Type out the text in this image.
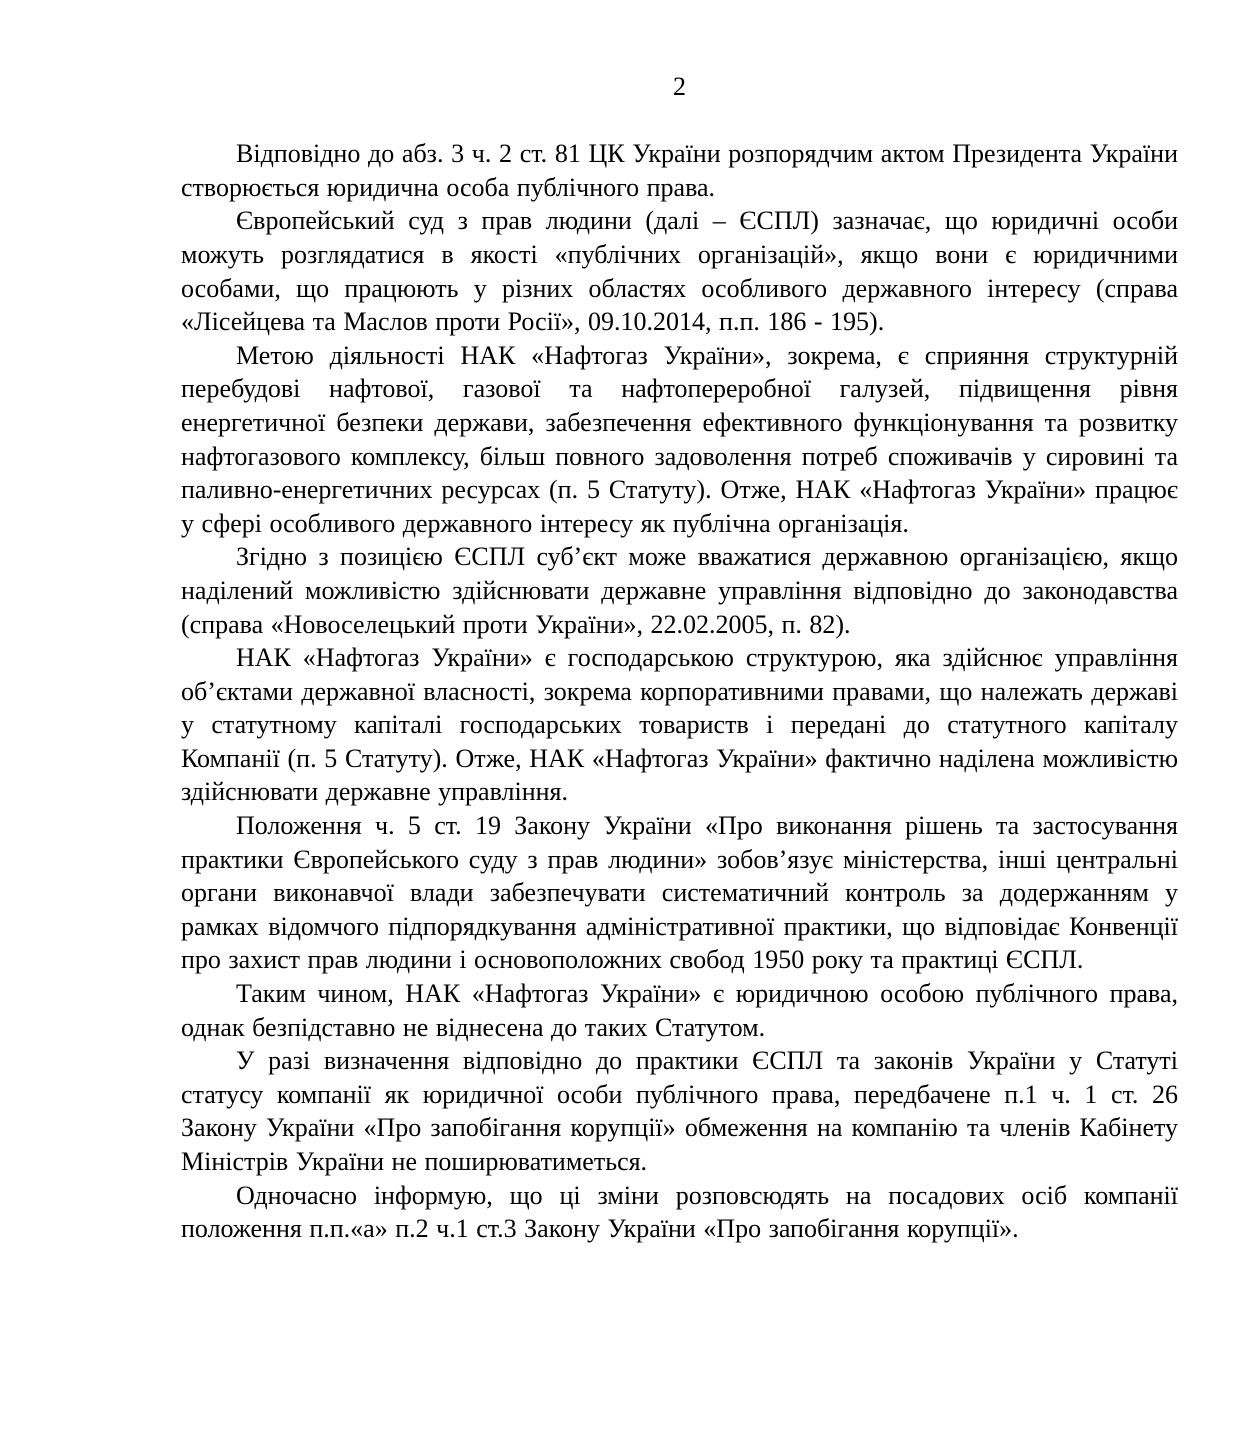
2

Відповідно до абз. 3 ч. 2 ст. 81 ЦК України розпорядчим актом Президента України створюється юридична особа публічного права.

Європейський суд з прав людини (далі – ЄСПЛ) зазначає, що юридичні особи можуть розглядатися в якості «публічних організацій», якщо вони є юридичними особами, що працюють у різних областях особливого державного інтересу (справа «Лісейцева та Маслов проти Росії», 09.10.2014, п.п. 186 - 195).

Метою діяльності НАК «Нафтогаз України», зокрема, є сприяння структурній перебудові нафтової, газової та нафтопереробної галузей, підвищення рівня енергетичної безпеки держави, забезпечення ефективного функціонування та розвитку нафтогазового комплексу, більш повного задоволення потреб споживачів у сировині та паливно-енергетичних ресурсах (п. 5 Статуту). Отже, НАК «Нафтогаз України» працює у сфері особливого державного інтересу як публічна організація.

Згідно з позицією ЄСПЛ суб’єкт може вважатися державною організацією, якщо наділений можливістю здійснювати державне управління відповідно до законодавства (справа «Новоселецький проти України», 22.02.2005, п. 82).

НАК «Нафтогаз України» є господарською структурою, яка здійснює управління об’єктами державної власності, зокрема корпоративними правами, що належать державі у статутному капіталі господарських товариств і передані до статутного капіталу Компанії (п. 5 Статуту). Отже, НАК «Нафтогаз України» фактично наділена можливістю здійснювати державне управління.

Положення ч. 5 ст. 19 Закону України «Про виконання рішень та застосування практики Європейського суду з прав людини» зобов’язує міністерства, інші центральні органи виконавчої влади забезпечувати систематичний контроль за додержанням у рамках відомчого підпорядкування адміністративної практики, що відповідає Конвенції про захист прав людини і основоположних свобод 1950 року та практиці ЄСПЛ.

Таким чином, НАК «Нафтогаз України» є юридичною особою публічного права, однак безпідставно не віднесена до таких Статутом.

У разі визначення відповідно до практики ЄСПЛ та законів України у Статуті статусу компанії як юридичної особи публічного права, передбачене п.1 ч. 1 ст. 26 Закону України «Про запобігання корупції» обмеження на компанію та членів Кабінету Міністрів України не поширюватиметься.

Одночасно інформую, що ці зміни розповсюдять на посадових осіб компанії положення п.п.«а» п.2 ч.1 ст.3 Закону України «Про запобігання корупції».
